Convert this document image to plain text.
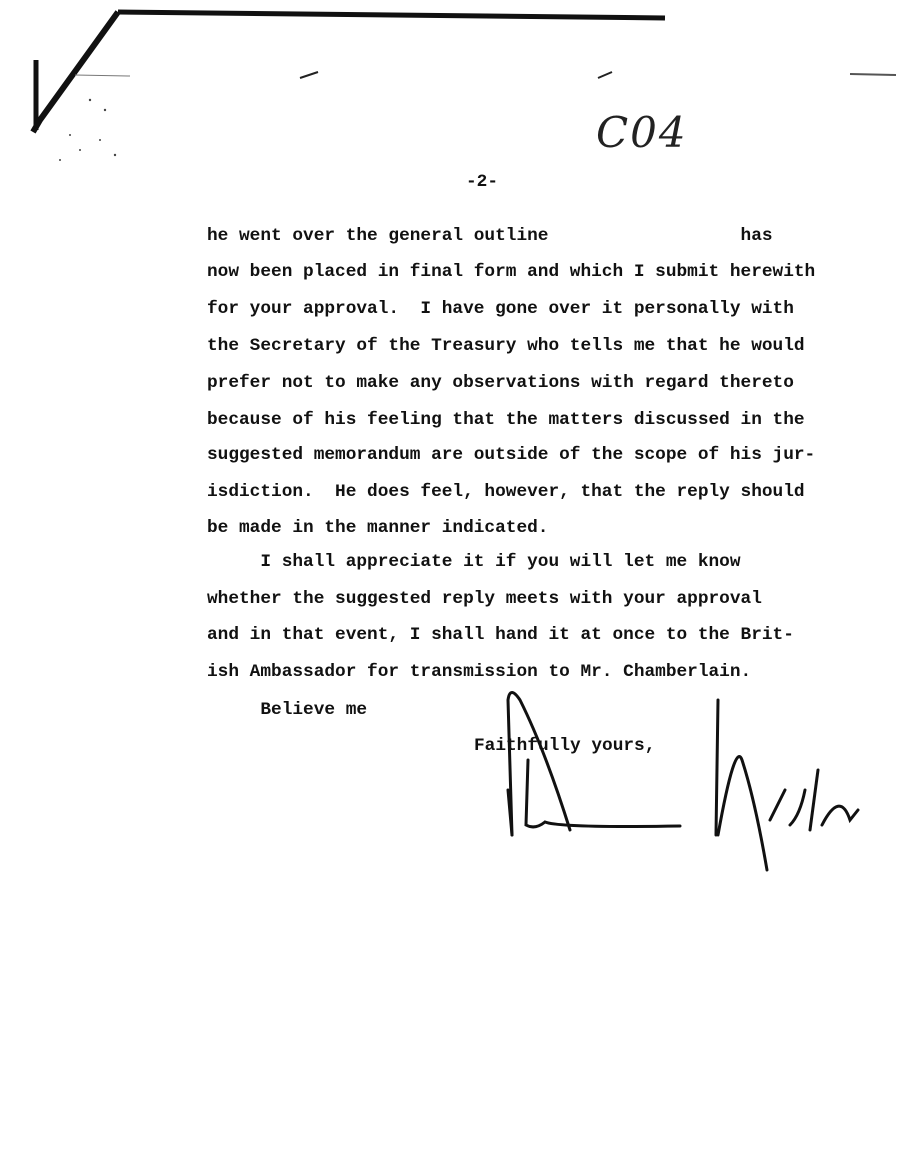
C04
-2-
he went over the general outline                  has
now been placed in final form and which I submit herewith
for your approval.  I have gone over it personally with
the Secretary of the Treasury who tells me that he would
prefer not to make any observations with regard thereto
because of his feeling that the matters discussed in the
suggested memorandum are outside of the scope of his jur-
isdiction.  He does feel, however, that the reply should
be made in the manner indicated.
I shall appreciate it if you will let me know
whether the suggested reply meets with your approval
and in that event, I shall hand it at once to the Brit-
ish Ambassador for transmission to Mr. Chamberlain.
Believe me
Faithfully yours,
